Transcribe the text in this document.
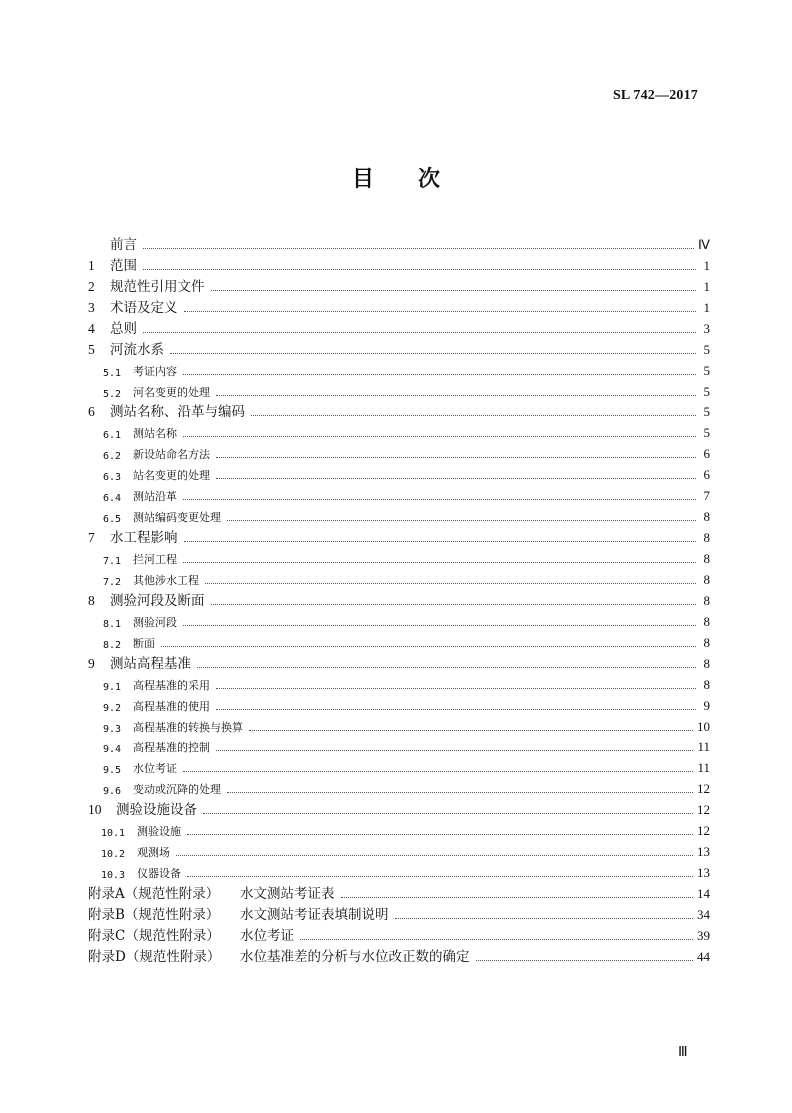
SL 742—2017
目 次
前言	Ⅳ
1	范围	1
2	规范性引用文件	1
3	术语及定义	1
4	总则	3
5	河流水系	5
5.1	考证内容	5
5.2	河名变更的处理	5
6	测站名称、沿革与编码	5
6.1	测站名称	5
6.2	新设站命名方法	6
6.3	站名变更的处理	6
6.4	测站沿革	7
6.5	测站编码变更处理	8
7	水工程影响	8
7.1	拦河工程	8
7.2	其他涉水工程	8
8	测验河段及断面	8
8.1	测验河段	8
8.2	断面	8
9	测站高程基准	8
9.1	高程基准的采用	8
9.2	高程基准的使用	9
9.3	高程基准的转换与换算	10
9.4	高程基准的控制	11
9.5	水位考证	11
9.6	变动或沉降的处理	12
10	测验设施设备	12
10.1	测验设施	12
10.2	观测场	13
10.3	仪器设备	13
附录A（规范性附录）	水文测站考证表	14
附录B（规范性附录）	水文测站考证表填制说明	34
附录C（规范性附录）	水位考证	39
附录D（规范性附录）	水位基准差的分析与水位改正数的确定	44
Ⅲ
